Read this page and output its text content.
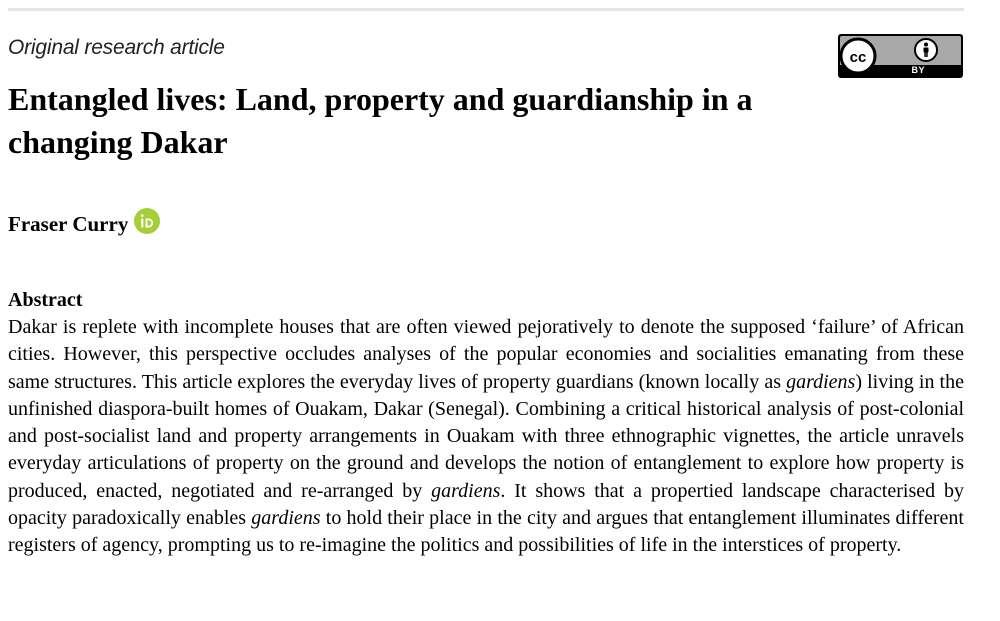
Original research article	cc
BY
Entangled lives: Land, property and guardianship in a changing Dakar
Fraser Curry
Abstract

Dakar is replete with incomplete houses that are often viewed pejoratively to denote the supposed ‘failure’ of African cities. However, this perspective occludes analyses of the popular economies and socialities emanating from these same structures. This article explores the everyday lives of property guardians (known locally as gardiens) living in the unfinished diaspora-built homes of Ouakam, Dakar (Senegal). Combining a critical historical analysis of post-colonial and post-socialist land and property arrangements in Ouakam with three ethnographic vignettes, the article unravels everyday articulations of property on the ground and develops the notion of entanglement to explore how property is produced, enacted, negotiated and re-arranged by gardiens. It shows that a propertied landscape characterised by opacity paradoxically enables gardiens to hold their place in the city and argues that entanglement illuminates different registers of agency, prompting us to re-imagine the politics and possibilities of life in the interstices of property.
